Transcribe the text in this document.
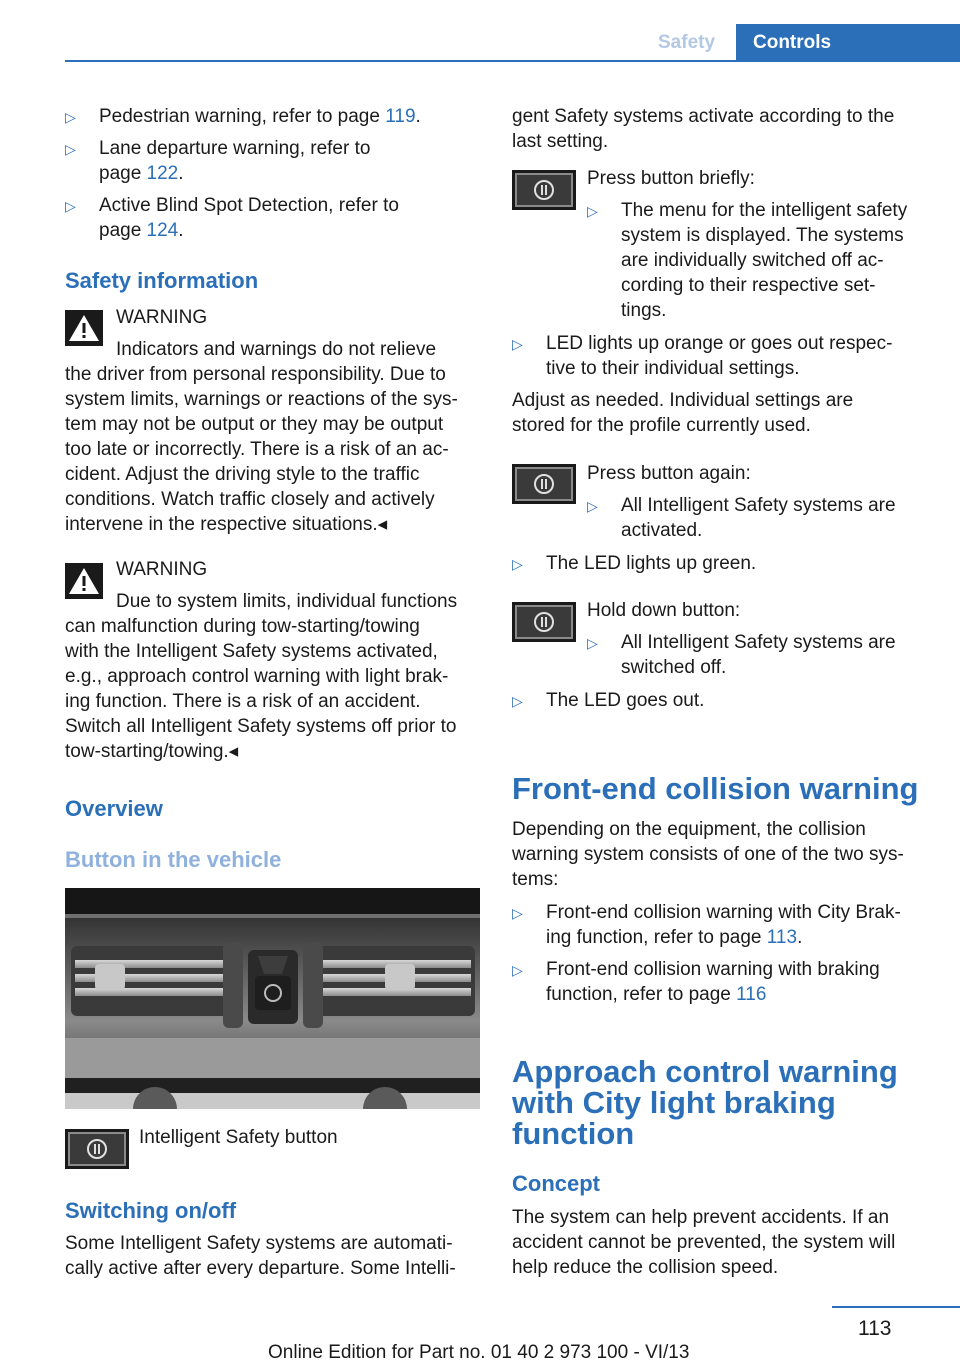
Safety	Controls
▷ Pedestrian warning, refer to page 119.
▷ Lane departure warning, refer to
page 122.
▷ Active Blind Spot Detection, refer to
page 124.
Safety information
WARNING
Indicators and warnings do not relieve
the driver from personal responsibility. Due to
system limits, warnings or reactions of the sys-
tem may not be output or they may be output
too late or incorrectly. There is a risk of an ac-
cident. Adjust the driving style to the traffic
conditions. Watch traffic closely and actively
intervene in the respective situations.◂
WARNING
Due to system limits, individual functions
can malfunction during tow-starting/towing
with the Intelligent Safety systems activated,
e.g., approach control warning with light brak-
ing function. There is a risk of an accident.
Switch all Intelligent Safety systems off prior to
tow-starting/towing.◂
Overview
Button in the vehicle
Intelligent Safety button
Switching on/off
Some Intelligent Safety systems are automati-
cally active after every departure. Some Intelli-
gent Safety systems activate according to the
last setting.
Press button briefly:
▷ The menu for the intelligent safety
system is displayed. The systems
are individually switched off ac-
cording to their respective set-
tings.
▷ LED lights up orange or goes out respec-
tive to their individual settings.
Adjust as needed. Individual settings are
stored for the profile currently used.
Press button again:
▷ All Intelligent Safety systems are
activated.
▷ The LED lights up green.
Hold down button:
▷ All Intelligent Safety systems are
switched off.
▷ The LED goes out.
Front-end collision warning
Depending on the equipment, the collision
warning system consists of one of the two sys-
tems:
▷ Front-end collision warning with City Brak-
ing function, refer to page 113.
▷ Front-end collision warning with braking
function, refer to page 116
Approach control warning
with City light braking
function
Concept
The system can help prevent accidents. If an
accident cannot be prevented, the system will
help reduce the collision speed.
113
Online Edition for Part no. 01 40 2 973 100 - VI/13
